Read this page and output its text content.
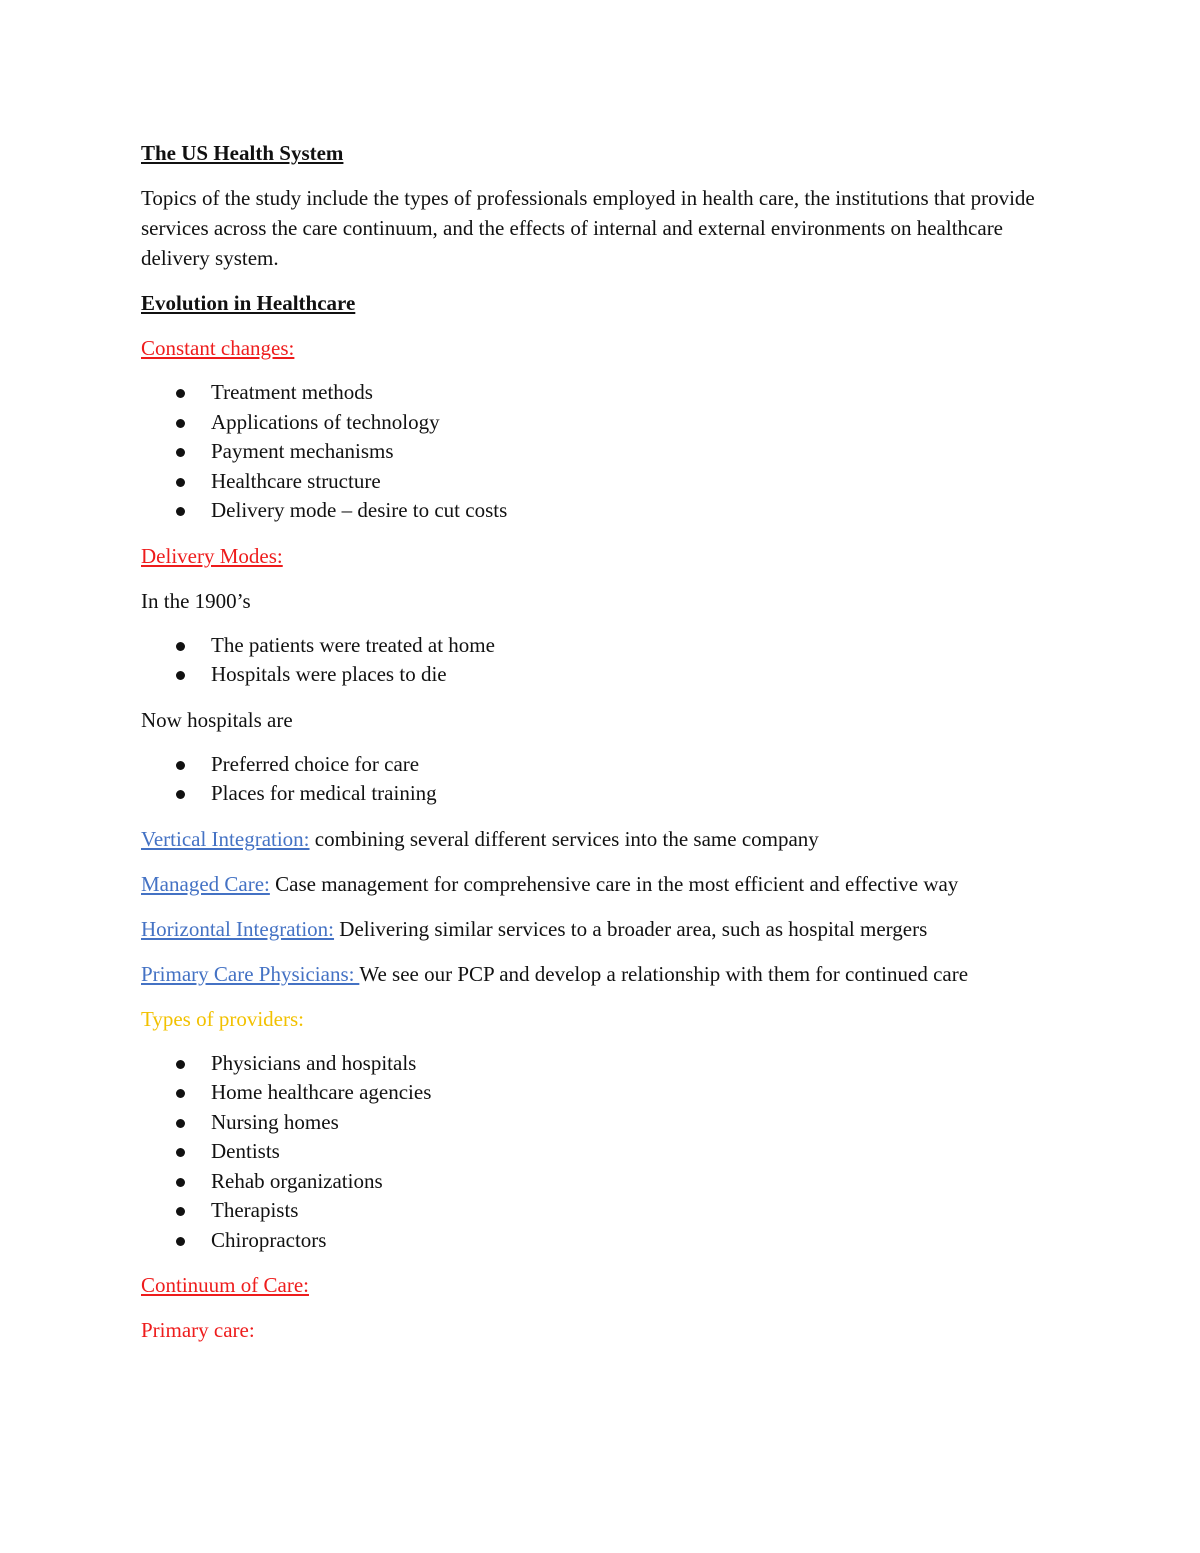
The US Health System

Topics of the study include the types of professionals employed in health care, the institutions that provide services across the care continuum, and the effects of internal and external environments on healthcare delivery system.

Evolution in Healthcare

Constant changes:

Treatment methods
Applications of technology
Payment mechanisms
Healthcare structure
Delivery mode – desire to cut costs

Delivery Modes:

In the 1900’s

The patients were treated at home
Hospitals were places to die

Now hospitals are

Preferred choice for care
Places for medical training

Vertical Integration: combining several different services into the same company

Managed Care: Case management for comprehensive care in the most efficient and effective way

Horizontal Integration: Delivering similar services to a broader area, such as hospital mergers

Primary Care Physicians: We see our PCP and develop a relationship with them for continued care

Types of providers:

Physicians and hospitals
Home healthcare agencies
Nursing homes
Dentists
Rehab organizations
Therapists
Chiropractors

Continuum of Care:

Primary care:
